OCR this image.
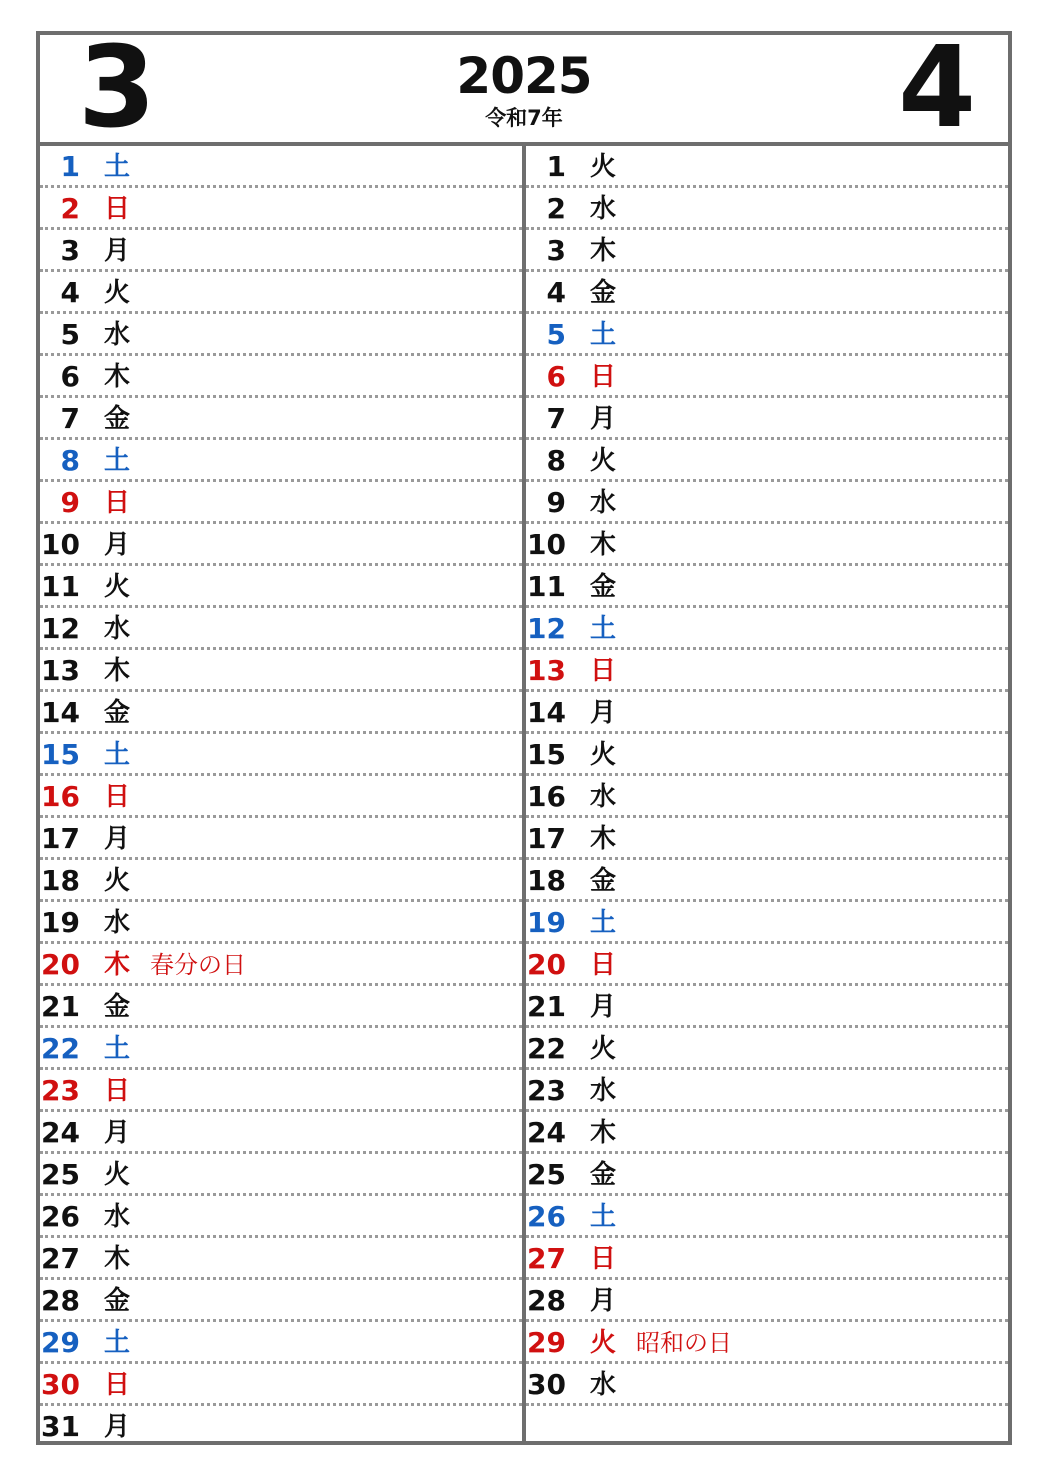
3	2025
令和7年	4
1 土
2 日
3 月
4 火
5 水
6 木
7 金
8 土
9 日
10 月
11 火
12 水
13 木
14 金
15 土
16 日
17 月
18 火
19 水
20 木 春分の日
21 金
22 土
23 日
24 月
25 火
26 水
27 木
28 金
29 土
30 日
31 月
1 火
2 水
3 木
4 金
5 土
6 日
7 月
8 火
9 水
10 木
11 金
12 土
13 日
14 月
15 火
16 水
17 木
18 金
19 土
20 日
21 月
22 火
23 水
24 木
25 金
26 土
27 日
28 月
29 火 昭和の日
30 水
